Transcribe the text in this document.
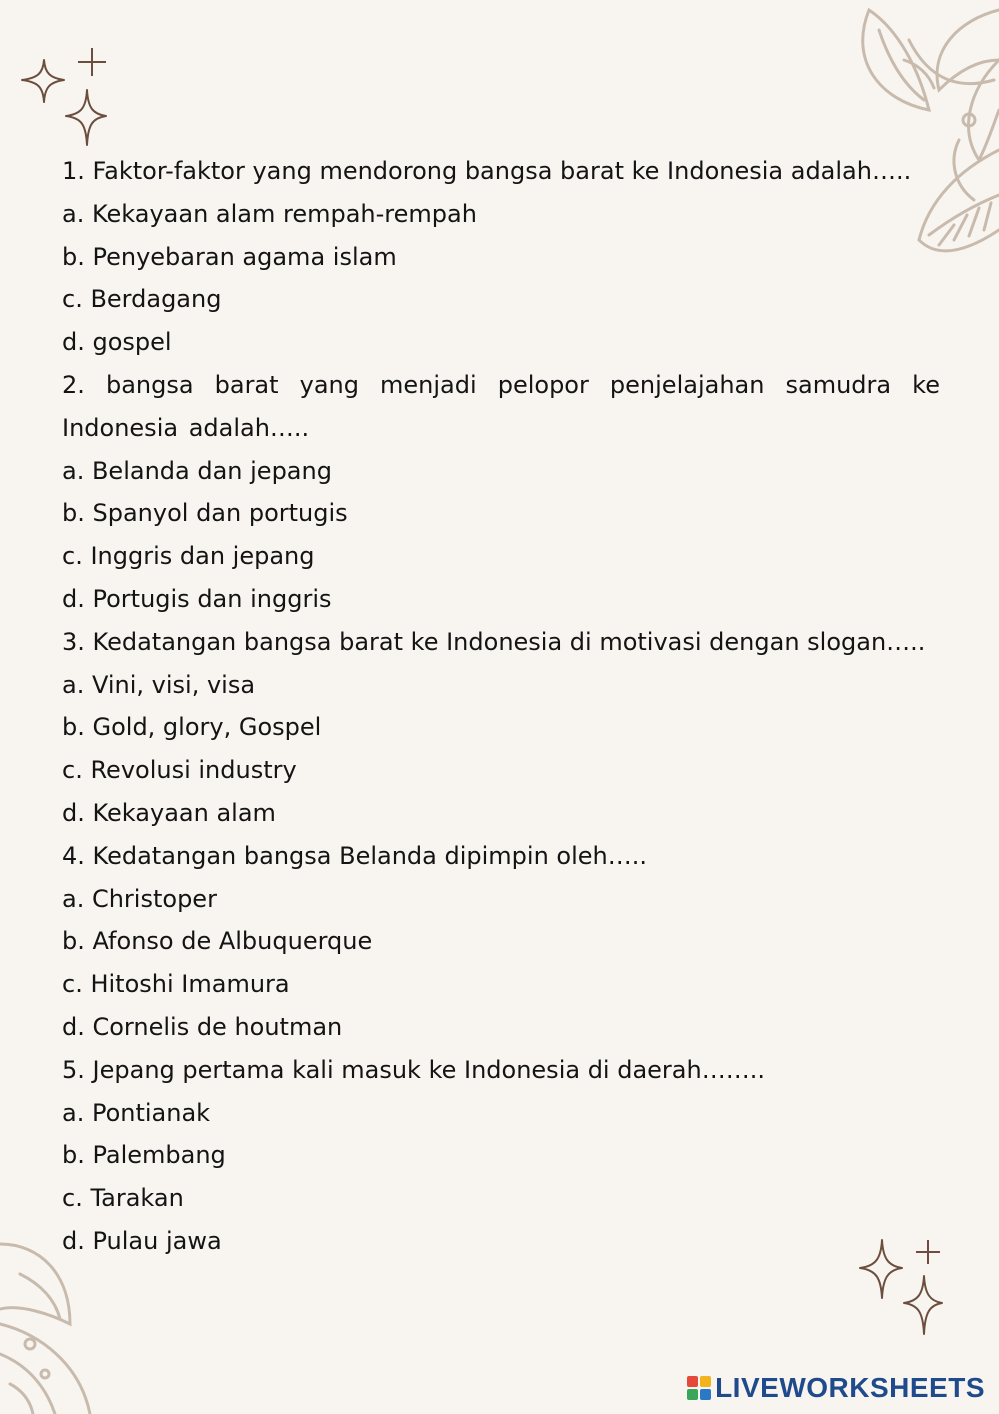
1. Faktor-faktor yang mendorong bangsa barat ke Indonesia adalah…..

a. Kekayaan alam rempah-rempah

b. Penyebaran agama islam

c. Berdagang

d. gospel

2. bangsa barat yang menjadi pelopor penjelajahan samudra ke Indonesia adalah…..

a. Belanda dan jepang

b. Spanyol dan portugis

c. Inggris dan jepang

d. Portugis dan inggris

3. Kedatangan bangsa barat ke Indonesia di motivasi dengan slogan…..

a. Vini, visi, visa

b. Gold, glory, Gospel

c. Revolusi industry

d. Kekayaan alam

4. Kedatangan bangsa Belanda dipimpin oleh…..

a. Christoper

b. Afonso de Albuquerque

c. Hitoshi Imamura

d. Cornelis de houtman

5. Jepang pertama kali masuk ke Indonesia di daerah……..

a. Pontianak

b. Palembang

c. Tarakan

d. Pulau jawa

LIVEWORKSHEETS
